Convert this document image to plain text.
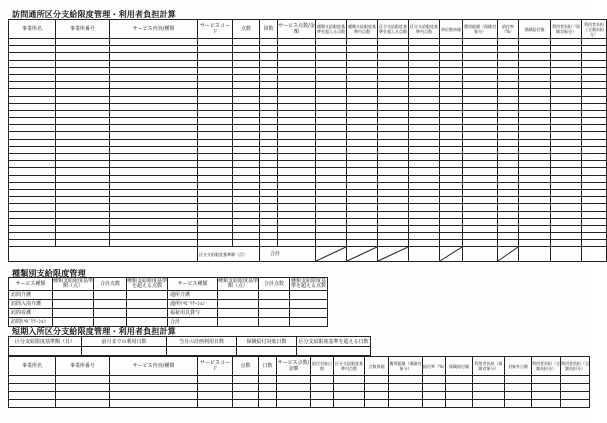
訪問通所区分支給限度管理・利用者負担計算
事業所名	事業所番号	サービス内容/種類	サービスコード	点数	回数	サービス点数/金額	種類支給限度基準を超える点数	種類支給限度基準内点数	区分支給限度基準を超える点数	区分支給限度基準内点数	単位数単価	費用総額（保険対象分）	給付率（%）	保険給付額	利用者負担（保険対象分）	利用者負担（全額負担分）

			区分支給限度基準額（点）		合計	

種類別支給限度管理
サービス種類	種類支給限度基準額（点）	合計点数	種類支給限度基準を超える点数	サービス種類	種類支給限度基準額（点）	合計点数	種類支給限度基準を超える点数
訪問介護				通所介護			
訪問入浴介護				通所ﾘﾊﾋﾞﾘﾃｰｼｮﾝ			
訪問看護				福祉用具貸与			
訪問ﾘﾊﾋﾞﾘﾃｰｼｮﾝ				合計			
短期入所区分支給限度管理・利用者負担計算
区分支給限度基準額（日）	前月までの利用日数	当月の計画利用日数	保険給付対象日数	区分支給限度基準を超える日数

事業所名	事業所番号	サービス内容/種類	サービスコード	点数	日数	サービス点数/金額	給付対象日数	区分支給限度基準内点数	点数単価	費用総額（保険対象分）	給付率（%）	保険給付額	利用者負担（保険対象分）	対象外日数	利用者負担（全額負担分）	利用者負担（全額負担分）
